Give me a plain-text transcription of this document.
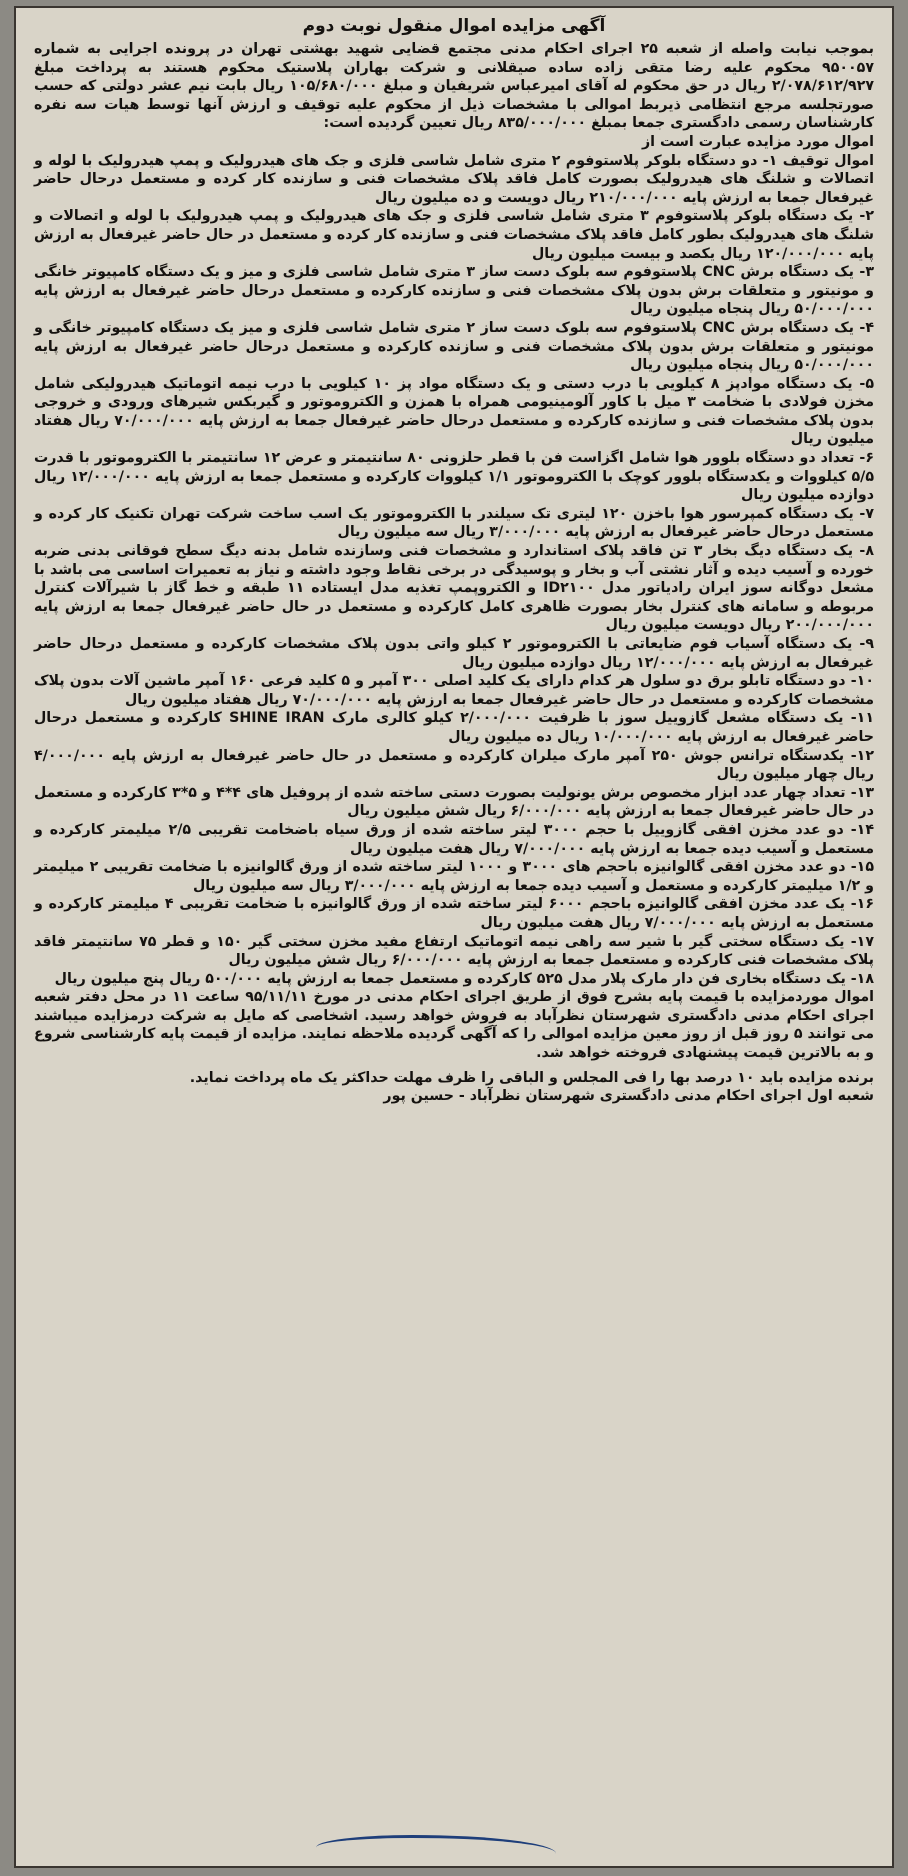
آگهی مزایده اموال منقول نوبت دوم

بموجب نیابت واصله از شعبه ۲۵ اجرای احکام مدنی مجتمع قضایی شهید بهشتی تهران در پرونده اجرایی به شماره ۹۵۰۰۵۷ محکوم علیه رضا متقی زاده ساده صیقلانی و شرکت بهاران پلاستیک محکوم هستند به پرداخت مبلغ ۲/۰۷۸/۶۱۲/۹۲۷ ریال در حق محکوم له آقای امیرعباس شریفیان و مبلغ ۱۰۵/۶۸۰/۰۰۰ ریال بابت نیم عشر دولتی که حسب صورتجلسه مرجع انتظامی ذیربط اموالی با مشخصات ذیل از محکوم علیه توقیف و ارزش آنها توسط هیات سه نفره کارشناسان رسمی دادگستری جمعا بمبلغ ۸۳۵/۰۰۰/۰۰۰ ریال تعیین گردیده است:

اموال مورد مزایده عبارت است از

اموال توقیف ۱- دو دستگاه بلوکر پلاستوفوم ۲ متری شامل شاسی فلزی و جک های هیدرولیک و پمپ هیدرولیک با لوله و اتصالات و شلنگ های هیدرولیک بصورت کامل فاقد پلاک مشخصات فنی و سازنده کار کرده و مستعمل درحال حاضر غیرفعال جمعا به ارزش پایه ۲۱۰/۰۰۰/۰۰۰ ریال دویست و ده میلیون ریال

۲- یک دستگاه بلوکر پلاستوفوم ۳ متری شامل شاسی فلزی و جک های هیدرولیک و پمپ هیدرولیک با لوله و اتصالات و شلنگ های هیدرولیک بطور کامل فاقد پلاک مشخصات فنی و سازنده کار کرده و مستعمل در حال حاضر غیرفعال به ارزش پایه ۱۲۰/۰۰۰/۰۰۰ ریال یکصد و بیست میلیون ریال

۳- یک دستگاه برش CNC پلاستوفوم سه بلوک دست ساز ۳ متری شامل شاسی فلزی و میز و یک دستگاه کامپیوتر خانگی و مونیتور و متعلقات برش بدون پلاک مشخصات فنی و سازنده کارکرده و مستعمل درحال حاضر غیرفعال به ارزش پایه ۵۰/۰۰۰/۰۰۰ ریال پنجاه میلیون ریال

۴- یک دستگاه برش CNC پلاستوفوم سه بلوک دست ساز ۲ متری شامل شاسی فلزی و میز یک دستگاه کامپیوتر خانگی و مونیتور و متعلقات برش بدون پلاک مشخصات فنی و سازنده کارکرده و مستعمل درحال حاضر غیرفعال به ارزش پایه ۵۰/۰۰۰/۰۰۰ ریال پنجاه میلیون ریال

۵- یک دستگاه موادپز ۸ کیلویی با درب دستی و یک دستگاه مواد پز ۱۰ کیلویی با درب نیمه اتوماتیک هیدرولیکی شامل مخزن فولادی با ضخامت ۳ میل با کاور آلومینیومی همراه با همزن و الکتروموتور و گیربکس شیرهای ورودی و خروجی بدون پلاک مشخصات فنی و سازنده کارکرده و مستعمل درحال حاضر غیرفعال جمعا به ارزش پایه ۷۰/۰۰۰/۰۰۰ ریال هفتاد میلیون ریال

۶- تعداد دو دستگاه بلوور هوا شامل اگزاست فن با قطر حلزونی ۸۰ سانتیمتر و عرض ۱۲ سانتیمتر با الکتروموتور با قدرت ۵/۵ کیلووات و یکدستگاه بلوور کوچک با الکتروموتور ۱/۱ کیلووات کارکرده و مستعمل جمعا به ارزش پایه ۱۲/۰۰۰/۰۰۰ ریال دوازده میلیون ریال

۷- یک دستگاه کمپرسور هوا باخزن ۱۲۰ لیتری تک سیلندر با الکتروموتور یک اسب ساخت شرکت تهران تکنیک کار کرده و مستعمل درحال حاضر غیرفعال به ارزش پایه ۳/۰۰۰/۰۰۰ ریال سه میلیون ریال

۸- یک دستگاه دیگ بخار ۳ تن فاقد پلاک استاندارد و مشخصات فنی وسازنده شامل بدنه دیگ سطح فوقانی بدنی ضربه خورده و آسیب دیده و آثار نشتی آب و بخار و پوسیدگی در برخی نقاط وجود داشته و نیاز به تعمیرات اساسی می باشد با مشعل دوگانه سوز ایران رادیاتور مدل ID۲۱۰۰ و الکتروپمپ تغذیه مدل ایستاده ۱۱ طبقه و خط گاز با شیرآلات کنترل مربوطه و سامانه های کنترل بخار بصورت ظاهری کامل کارکرده و مستعمل در حال حاضر غیرفعال جمعا به ارزش پایه ۲۰۰/۰۰۰/۰۰۰ ریال دویست میلیون ریال

۹- یک دستگاه آسیاب فوم ضایعاتی با الکتروموتور ۲ کیلو واتی بدون پلاک مشخصات کارکرده و مستعمل درحال حاضر غیرفعال به ارزش پایه ۱۲/۰۰۰/۰۰۰ ریال دوازده میلیون ریال

۱۰- دو دستگاه تابلو برق دو سلول هر کدام دارای یک کلید اصلی ۳۰۰ آمپر و ۵ کلید فرعی ۱۶۰ آمپر ماشین آلات بدون پلاک مشخصات کارکرده و مستعمل در حال حاضر غیرفعال جمعا به ارزش پایه ۷۰/۰۰۰/۰۰۰ ریال هفتاد میلیون ریال

۱۱- یک دستگاه مشعل گازوییل سوز با ظرفیت ۲/۰۰۰/۰۰۰ کیلو کالری مارک SHINE IRAN کارکرده و مستعمل درحال حاضر غیرفعال به ارزش پایه ۱۰/۰۰۰/۰۰۰ ریال ده میلیون ریال

۱۲- یکدستگاه ترانس جوش ۲۵۰ آمپر مارک میلران کارکرده و مستعمل در حال حاضر غیرفعال به ارزش پایه ۴/۰۰۰/۰۰۰ ریال چهار میلیون ریال

۱۳- تعداد چهار عدد ابزار مخصوص برش یونولیت بصورت دستی ساخته شده از پروفیل های ۴*۴ و ۵*۳ کارکرده و مستعمل در حال حاضر غیرفعال جمعا به ارزش پایه ۶/۰۰۰/۰۰۰ ریال شش میلیون ریال

۱۴- دو عدد مخزن افقی گازوییل با حجم ۳۰۰۰ لیتر ساخته شده از ورق سیاه باضخامت تقریبی ۲/۵ میلیمتر کارکرده و مستعمل و آسیب دیده جمعا به ارزش پایه ۷/۰۰۰/۰۰۰ ریال هفت میلیون ریال

۱۵- دو عدد مخزن افقی گالوانیزه باحجم های ۳۰۰۰ و ۱۰۰۰ لیتر ساخته شده از ورق گالوانیزه با ضخامت تقریبی ۲ میلیمتر و ۱/۲ میلیمتر کارکرده و مستعمل و آسیب دیده جمعا به ارزش پایه ۳/۰۰۰/۰۰۰ ریال سه میلیون ریال

۱۶- یک عدد مخزن افقی گالوانیزه باحجم ۶۰۰۰ لیتر ساخته شده از ورق گالوانیزه با ضخامت تقریبی ۴ میلیمتر کارکرده و مستعمل به ارزش پایه ۷/۰۰۰/۰۰۰ ریال هفت میلیون ریال

۱۷- یک دستگاه سختی گیر با شیر سه راهی نیمه اتوماتیک ارتفاع مفید مخزن سختی گیر ۱۵۰ و قطر ۷۵ سانتیمتر فاقد پلاک مشخصات فنی کارکرده و مستعمل جمعا به ارزش پایه ۶/۰۰۰/۰۰۰ ریال شش میلیون ریال

۱۸- یک دستگاه بخاری فن دار مارک پلار مدل ۵۲۵ کارکرده و مستعمل جمعا به ارزش پایه ۵۰۰/۰۰۰ ریال پنج میلیون ریال

اموال موردمزایده با قیمت پایه بشرح فوق از طریق اجرای احکام مدنی در مورخ ۹۵/۱۱/۱۱ ساعت ۱۱ در محل دفتر شعبه اجرای احکام مدنی دادگستری شهرستان نظرآباد به فروش خواهد رسید. اشخاصی که مایل به شرکت درمزایده میباشند می توانند ۵ روز قبل از روز معین مزایده اموالی را که آگهی گردیده ملاحظه نمایند. مزایده از قیمت پایه کارشناسی شروع و به بالاترین قیمت پیشنهادی فروخته خواهد شد.

برنده مزایده باید ۱۰ درصد بها را فی المجلس و الباقی را ظرف مهلت حداکثر یک ماه پرداخت نماید.

شعبه اول اجرای احکام مدنی دادگستری شهرستان نظرآباد - حسین پور
